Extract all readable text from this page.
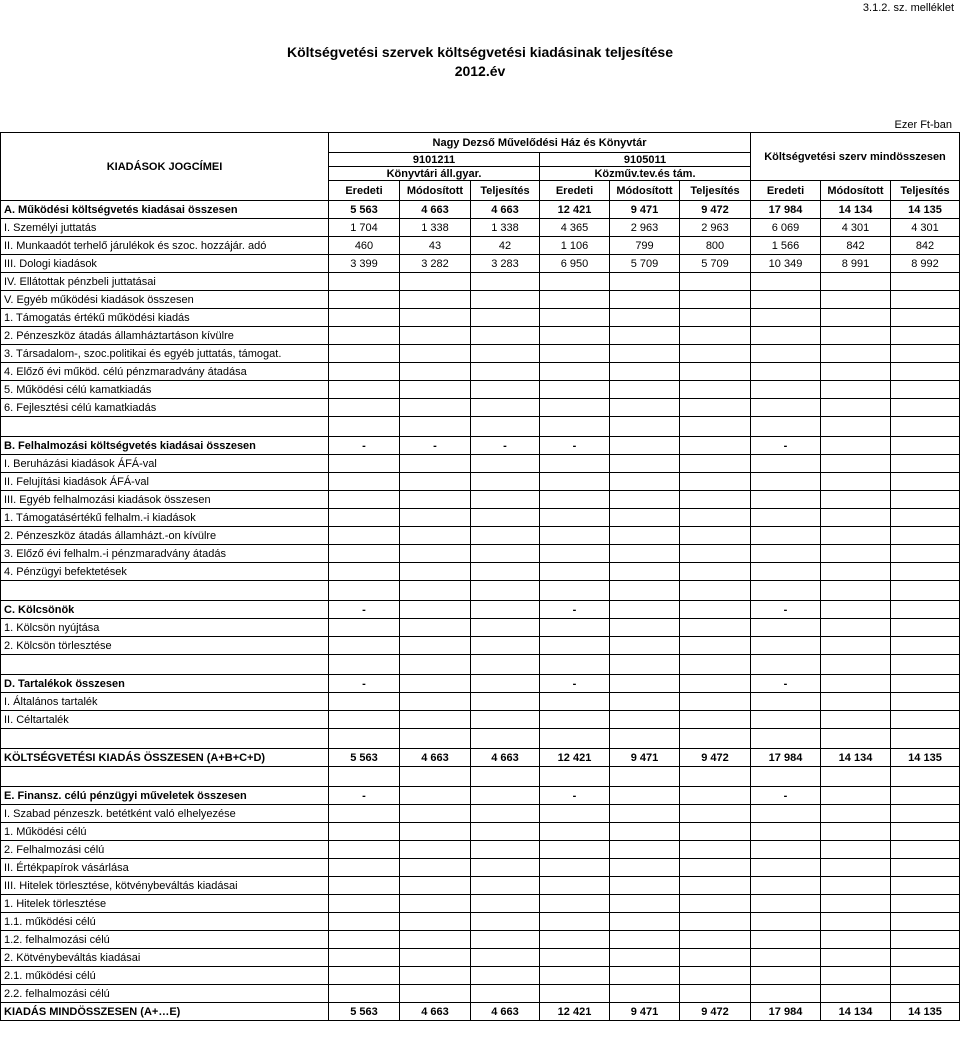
3.1.2. sz. melléklet
Költségvetési szervek költségvetési kiadásinak teljesítése
2012.év
Ezer Ft-ban
KIADÁSOK JOGCÍMEI	Nagy Dezső Művelődési Ház és Könyvtár						Költségvetési szerv mindösszesen		
	9101211			9105011					
	Könyvtári áll.gyar.			Közműv.tev.és tám.					
	Eredeti	Módosított	Teljesítés	Eredeti	Módosított	Teljesítés	Eredeti	Módosított	Teljesítés
A. Működési költségvetés kiadásai összesen	5 563	4 663	4 663	12 421	9 471	9 472	17 984	14 134	14 135
I. Személyi juttatás	1 704	1 338	1 338	4 365	2 963	2 963	6 069	4 301	4 301
II. Munkaadót terhelő járulékok és szoc. hozzájár. adó	460	43	42	1 106	799	800	1 566	842	842
III. Dologi kiadások	3 399	3 282	3 283	6 950	5 709	5 709	10 349	8 991	8 992
IV. Ellátottak pénzbeli juttatásai									
V. Egyéb működési kiadások összesen									
1. Támogatás értékű működési kiadás									
2. Pénzeszköz átadás államháztartáson kívülre									
3. Társadalom-, szoc.politikai és egyéb juttatás, támogat.									
4. Előző évi működ. célú pénzmaradvány átadása									
5. Működési célú kamatkiadás									
6. Fejlesztési célú kamatkiadás									

B. Felhalmozási költségvetés kiadásai összesen	-	-	-	-			-		
I. Beruházási kiadások ÁFÁ-val									
II. Felujítási kiadások ÁFÁ-val									
III. Egyéb felhalmozási kiadások összesen									
1. Támogatásértékű felhalm.-i kiadások									
2. Pénzeszköz átadás államházt.-on kívülre									
3. Előző évi felhalm.-i pénzmaradvány átadás									
4. Pénzügyi befektetések									

C. Kölcsönök	-			-			-		
1. Kölcsön nyújtása									
2. Kölcsön törlesztése									

D. Tartalékok összesen	-			-			-		
I. Általános tartalék									
II. Céltartalék									

KÖLTSÉGVETÉSI KIADÁS ÖSSZESEN (A+B+C+D)	5 563	4 663	4 663	12 421	9 471	9 472	17 984	14 134	14 135

E. Finansz. célú pénzügyi műveletek összesen	-			-			-		
I. Szabad pénzeszk. betétként való elhelyezése									
1. Működési célú									
2. Felhalmozási célú									
II. Értékpapírok vásárlása									
III. Hitelek törlesztése, kötvénybeváltás kiadásai									
1. Hitelek törlesztése									
1.1. működési célú									
1.2. felhalmozási célú									
2. Kötvénybeváltás kiadásai									
2.1. működési célú									
2.2. felhalmozási célú									
KIADÁS MINDÖSSZESEN (A+…E)	5 563	4 663	4 663	12 421	9 471	9 472	17 984	14 134	14 135
